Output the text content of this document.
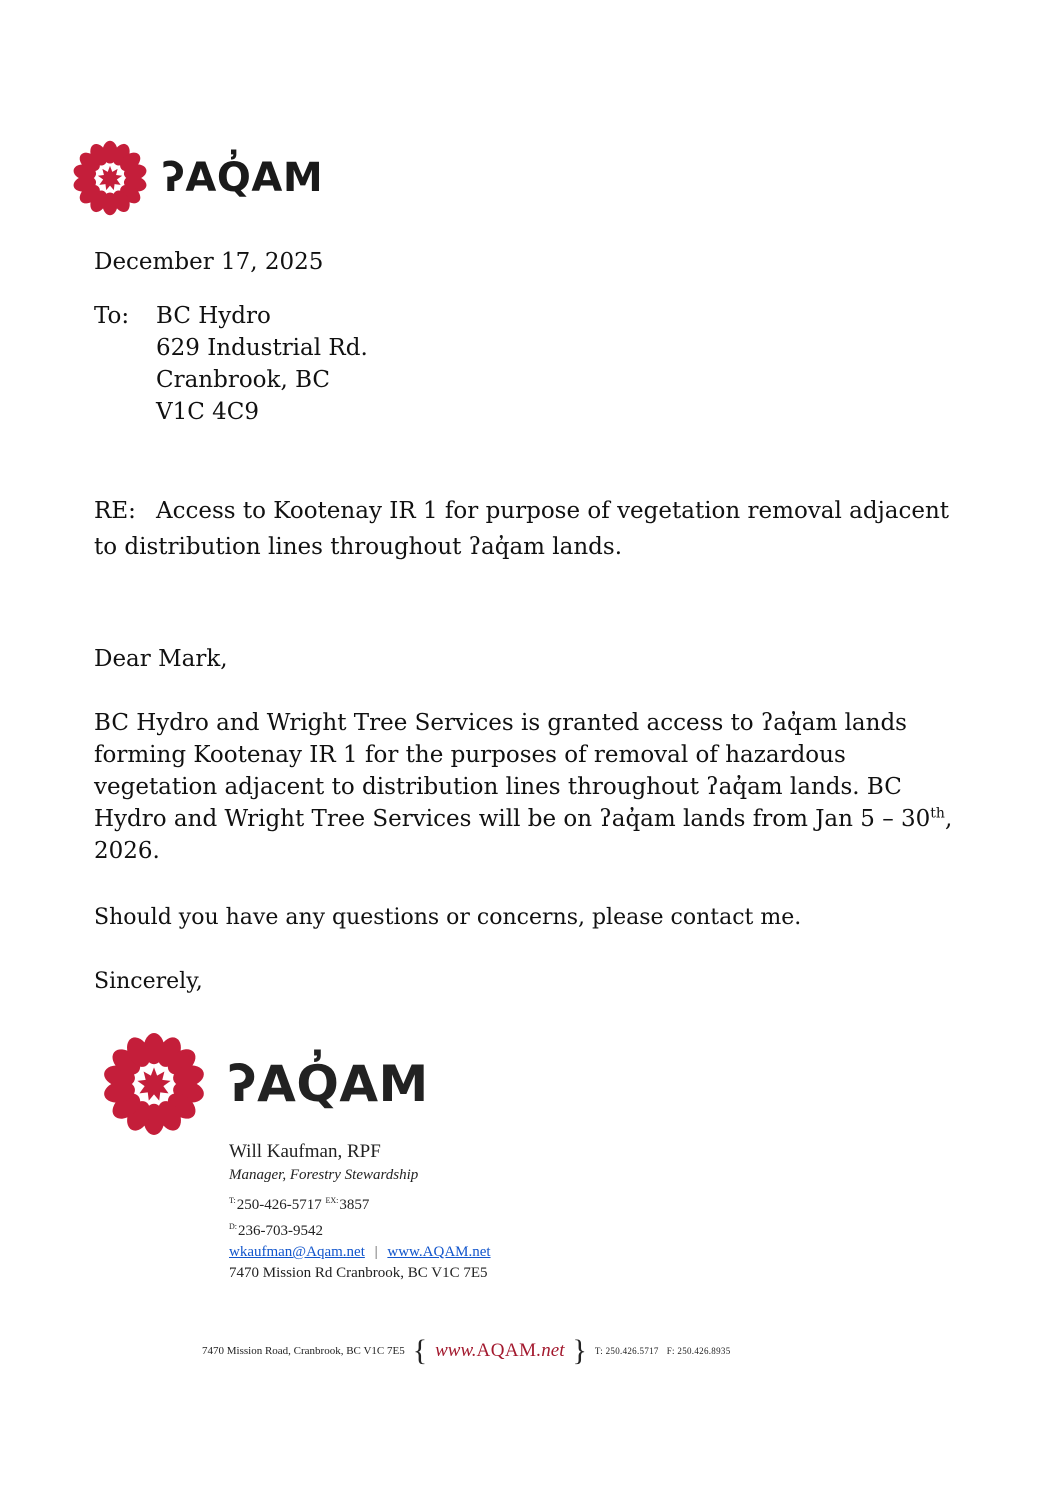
ʔAQ̓AM
December 17, 2025
To: BC Hydro
629 Industrial Rd.
Cranbrook, BC
V1C 4C9
RE: Access to Kootenay IR 1 for purpose of vegetation removal adjacent
to distribution lines throughout ʔaq̓am lands.
Dear Mark,
BC Hydro and Wright Tree Services is granted access to ʔaq̓am lands
forming Kootenay IR 1 for the purposes of removal of hazardous
vegetation adjacent to distribution lines throughout ʔaq̓am lands. BC
Hydro and Wright Tree Services will be on ʔaq̓am lands from Jan 5 – 30th,
2026.
Should you have any questions or concerns, please contact me.
Sincerely,
ʔAQ̓AM
Will Kaufman, RPF
Manager, Forestry Stewardship
$^{T:}$250-426-5717 $^{EX:}$3857
$^{D:}$236-703-9542
wkaufman@Aqam.net | www.AQAM.net
7470 Mission Rd Cranbrook, BC V1C 7E5
7470 Mission Road, Cranbrook, BC V1C 7E5 { www.AQAM.net } T: 250.426.5717 F: 250.426.8935
